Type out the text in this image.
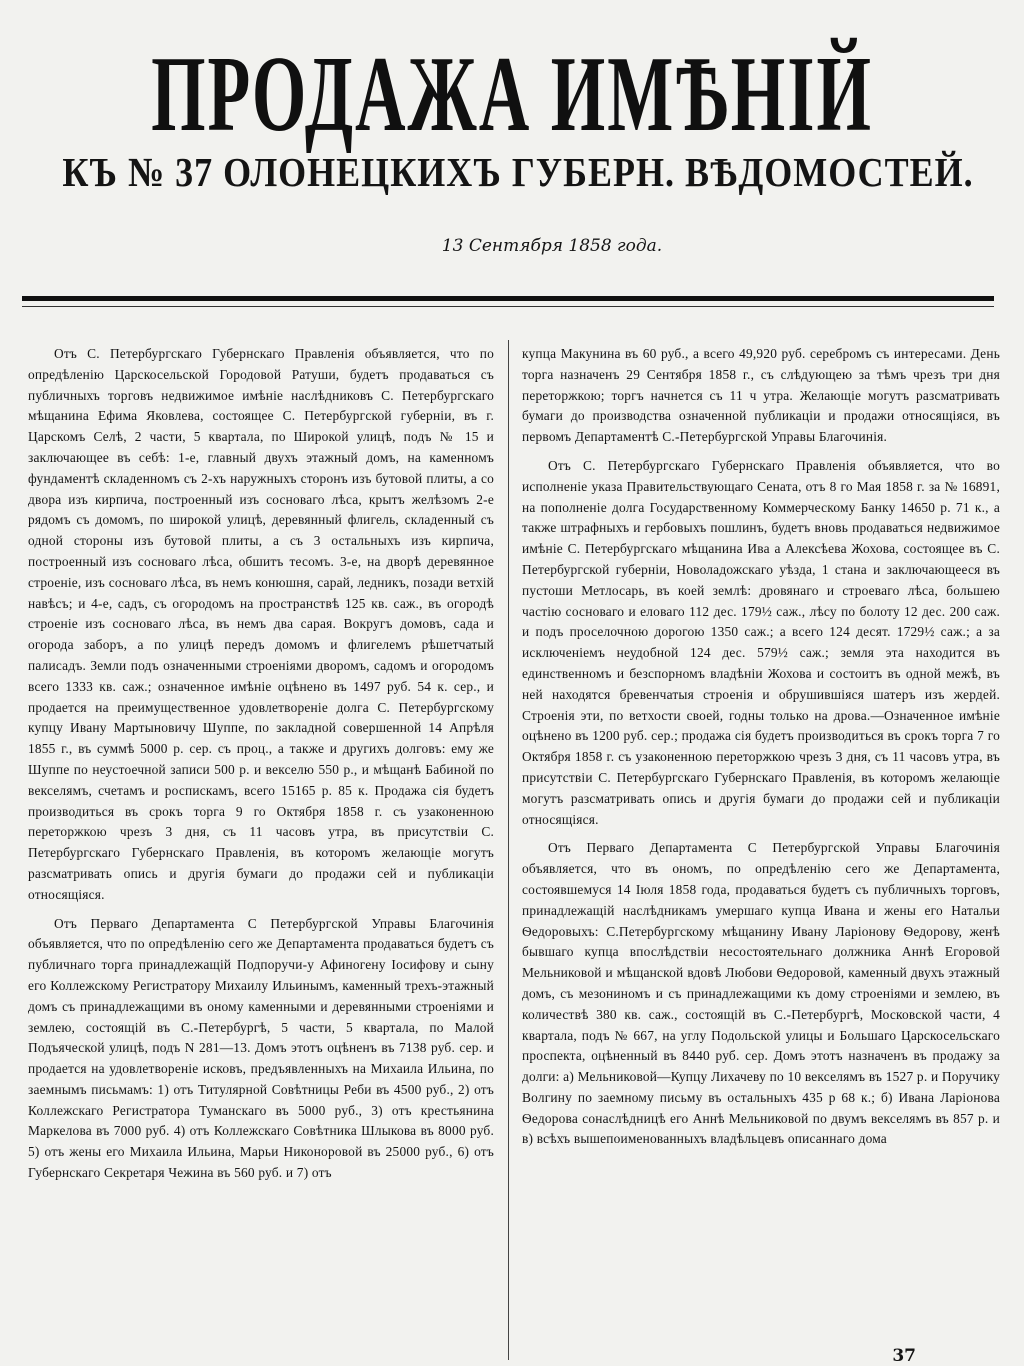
ПРОДАЖА ИМѢНІЙ
КЪ № 37 ОЛОНЕЦКИХЪ ГУБЕРН. ВѢДОМОСТЕЙ.
13 Сентября 1858 года.

Отъ С. Петербургскаго Губернскаго Правленія объявляется, что по опредѣленію Царскосельской Городовой Ратуши, будетъ продаваться съ публичныхъ торговъ недвижимое имѣніе наслѣдниковъ С. Петербургскаго мѣщанина Ефима Яковлева, состоящее С. Петербургской губерніи, въ г. Царскомъ Селѣ, 2 части, 5 квартала, по Широкой улицѣ, подъ № 15 и заключающее въ себѣ: 1-е, главный двухъ этажный домъ, на каменномъ фундаментѣ складенномъ съ 2-хъ наружныхъ сторонъ изъ бутовой плиты, а со двора изъ кирпича, построенный изъ сосноваго лѣса, крытъ желѣзомъ 2-е рядомъ съ домомъ, по широкой улицѣ, деревянный флигель, складенный съ одной стороны изъ бутовой плиты, а съ 3 остальныхъ изъ кирпича, построенный изъ сосноваго лѣса, обшитъ тесомъ. 3-е, на дворѣ деревянное строеніе, изъ сосноваго лѣса, въ немъ конюшня, сарай, ледникъ, позади ветхій навѣсъ; и 4-е, садъ, съ огородомъ на пространствѣ 125 кв. саж., въ огородѣ строеніе изъ сосноваго лѣса, въ немъ два сарая. Вокругъ домовъ, сада и огорода заборъ, а по улицѣ передъ домомъ и флигелемъ рѣшетчатый палисадъ. Земли подъ означенными строеніями дворомъ, садомъ и огородомъ всего 1333 кв. саж.; означенное имѣніе оцѣнено въ 1497 руб. 54 к. сер., и продается на преимущественное удовлетвореніе долга С. Петербургскому купцу Ивану Мартыновичу Шуппе, по закладной совершенной 14 Апрѣля 1855 г., въ суммѣ 5000 р. сер. съ проц., а также и другихъ долговъ: ему же Шуппе по неустоечной записи 500 р. и векселю 550 р., и мѣщанѣ Бабиной по векселямъ, счетамъ и роспискамъ, всего 15165 р. 85 к. Продажа сія будетъ производиться въ срокъ торга 9 го Октября 1858 г. съ узаконенною переторжкою чрезъ 3 дня, съ 11 часовъ утра, въ присутствіи С. Петербургскаго Губернскаго Правленія, въ которомъ желающіе могутъ разсматривать опись и другія бумаги до продажи сей и публикаціи относящіяся.

Отъ Перваго Департамента С Петербургской Управы Благочинія объявляется, что по опредѣленію сего же Департамента продаваться будетъ съ публичнаго торга принадлежащій Подпоручи-у Афиногену Іосифову и сыну его Коллежскому Регистратору Михаилу Ильинымъ, каменный трехъ-этажный домъ съ принадлежащими въ оному каменными и деревянными строеніями и землею, состоящій въ С.-Петербургѣ, 5 части, 5 квартала, по Малой Подъяческой улицѣ, подъ N 281—13. Домъ этотъ оцѣненъ въ 7138 руб. сер. и продается на удовлетвореніе исковъ, предъявленныхъ на Михаила Ильина, по заемнымъ письмамъ: 1) отъ Титулярной Совѣтницы Реби въ 4500 руб., 2) отъ Коллежскаго Регистратора Туманскаго въ 5000 руб., 3) отъ крестьянина Маркелова въ 7000 руб. 4) отъ Коллежскаго Совѣтника Шлыкова въ 8000 руб. 5) отъ жены его Михаила Ильина, Марьи Никоноровой въ 25000 руб., 6) отъ Губернскаго Секретаря Чежина въ 560 руб. и 7) отъ

купца Макунина въ 60 руб., а всего 49,920 руб. серебромъ съ интересами. День торга назначенъ 29 Сентября 1858 г., съ слѣдующею за тѣмъ чрезъ три дня переторжкою; торгъ начнется съ 11 ч утра. Желающіе могутъ разсматривать бумаги до производства означенной публикаціи и продажи относящіяся, въ первомъ Департаментѣ С.-Петербургской Управы Благочинія.

Отъ С. Петербургскаго Губернскаго Правленія объявляется, что во исполненіе указа Правительствующаго Сената, отъ 8 го Мая 1858 г. за № 16891, на пополненіе долга Государственному Коммерческому Банку 14650 р. 71 к., а также штрафныхъ и гербовыхъ пошлинъ, будетъ вновь продаваться недвижимое имѣніе С. Петербургскаго мѣщанина Ива а Алексѣева Жохова, состоящее въ С. Петербургской губерніи, Новоладожскаго уѣзда, 1 стана и заключающееся въ пустоши Метлосарь, въ коей землѣ: дровянаго и строеваго лѣса, большею частію сосноваго и еловаго 112 дес. 179½ саж., лѣсу по болоту 12 дес. 200 саж. и подъ проселочною дорогою 1350 саж.; а всего 124 десят. 1729½ саж.; а за исключеніемъ неудобной 124 дес. 579½ саж.; земля эта находится въ единственномъ и безспорномъ владѣніи Жохова и состоитъ въ одной межѣ, въ ней находятся бревенчатыя строенія и обрушившіяся шатеръ изъ жердей. Строенія эти, по ветхости своей, годны только на дрова.—Означенное имѣніе оцѣнено въ 1200 руб. сер.; продажа сія будетъ производиться въ срокъ торга 7 го Октября 1858 г. съ узаконенною переторжкою чрезъ 3 дня, съ 11 часовъ утра, въ присутствіи С. Петербургскаго Губернскаго Правленія, въ которомъ желающіе могутъ разсматривать опись и другія бумаги до продажи сей и публикаціи относящіяся.

Отъ Перваго Департамента С Петербургской Управы Благочинія объявляется, что въ ономъ, по опредѣленію сего же Департамента, состоявшемуся 14 Іюля 1858 года, продаваться будетъ съ публичныхъ торговъ, принадлежащій наслѣдникамъ умершаго купца Ивана и жены его Натальи Ѳедоровыхъ: С.Петербургскому мѣщанину Ивану Ларіонову Ѳедорову, женѣ бывшаго купца впослѣдствіи несостоятельнаго должника Аннѣ Егоровой Мельниковой и мѣщанской вдовѣ Любови Ѳедоровой, каменный двухъ этажный домъ, съ мезониномъ и съ принадлежащими къ дому строеніями и землею, въ количествѣ 380 кв. саж., состоящій въ С.-Петербургѣ, Московской части, 4 квартала, подъ № 667, на углу Подольской улицы и Большаго Царскосельскаго проспекта, оцѣненный въ 8440 руб. сер. Домъ этотъ назначенъ въ продажу за долги: а) Мельниковой—Купцу Лихачеву по 10 векселямъ въ 1527 р. и Поручику Волгину по заемному письму въ остальныхъ 435 р 68 к.; б) Ивана Ларіонова Ѳедорова сонаслѣдницѣ его Аннѣ Мельниковой по двумъ векселямъ въ 857 р. и в) всѣхъ вышепоименованныхъ владѣльцевъ описаннаго дома

37
